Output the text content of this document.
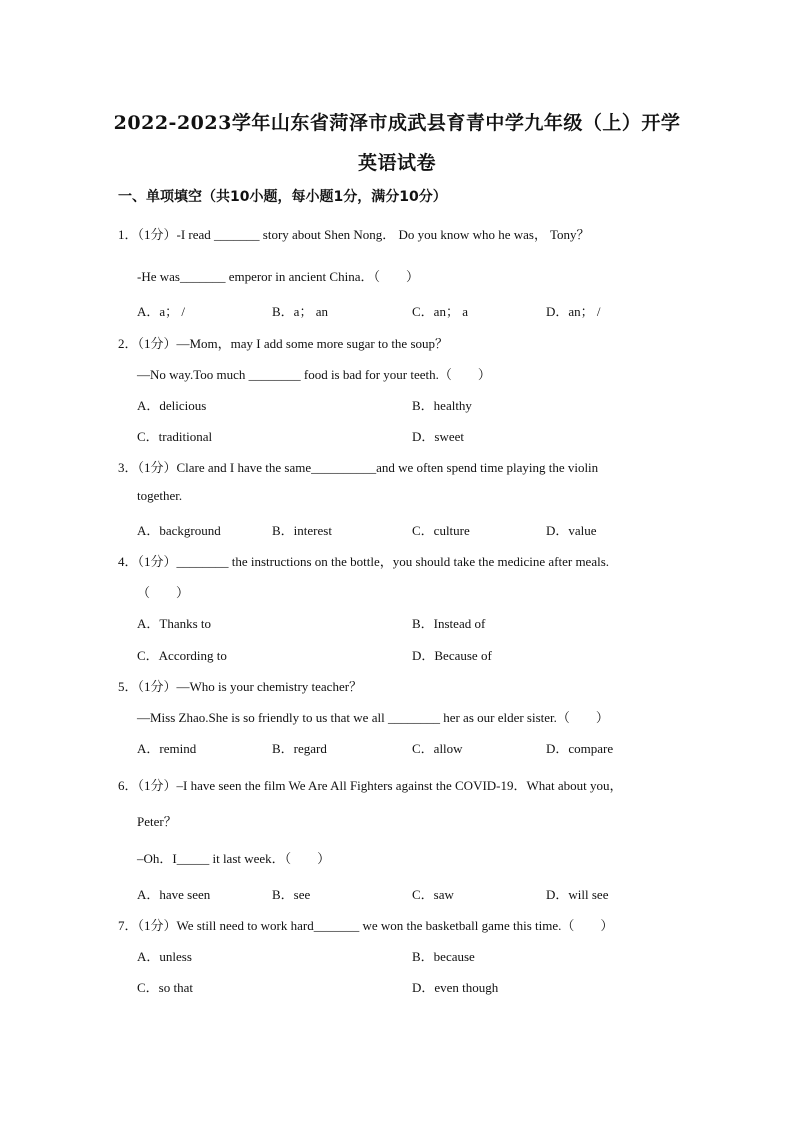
2022-2023学年山东省菏泽市成武县育青中学九年级（上）开学
英语试卷
一、单项填空（共10小题，每小题1分，满分10分）
1．（1分）-I read _______ story about Shen Nong． Do you know who he was， Tony？
-He was_______ emperor in ancient China．（　　）
A．a； /	B．a； an	C．an； a	D．an； /
2．（1分）—Mom，may I add some more sugar to the soup？
—No way.Too much ________ food is bad for your teeth.（　　）
A．delicious	B．healthy
C．traditional	D．sweet
3．（1分）Clare and I have the same__________and we often spend time playing the violin
together.
A．background	B．interest	C．culture	D．value
4．（1分）________ the instructions on the bottle，you should take the medicine after meals.
（　　）
A．Thanks to	B．Instead of
C．According to	D．Because of
5．（1分）—Who is your chemistry teacher？
—Miss Zhao.She is so friendly to us that we all ________ her as our elder sister.（　　）
A．remind	B．regard	C．allow	D．compare
6．（1分）–I have seen the film We Are All Fighters against the COVID-19．What about you，
Peter？
–Oh．I_____ it last week．（　　）
A．have seen	B．see	C．saw	D．will see
7．（1分）We still need to work hard_______ we won the basketball game this time.（　　）
A．unless	B．because
C．so that	D．even though
